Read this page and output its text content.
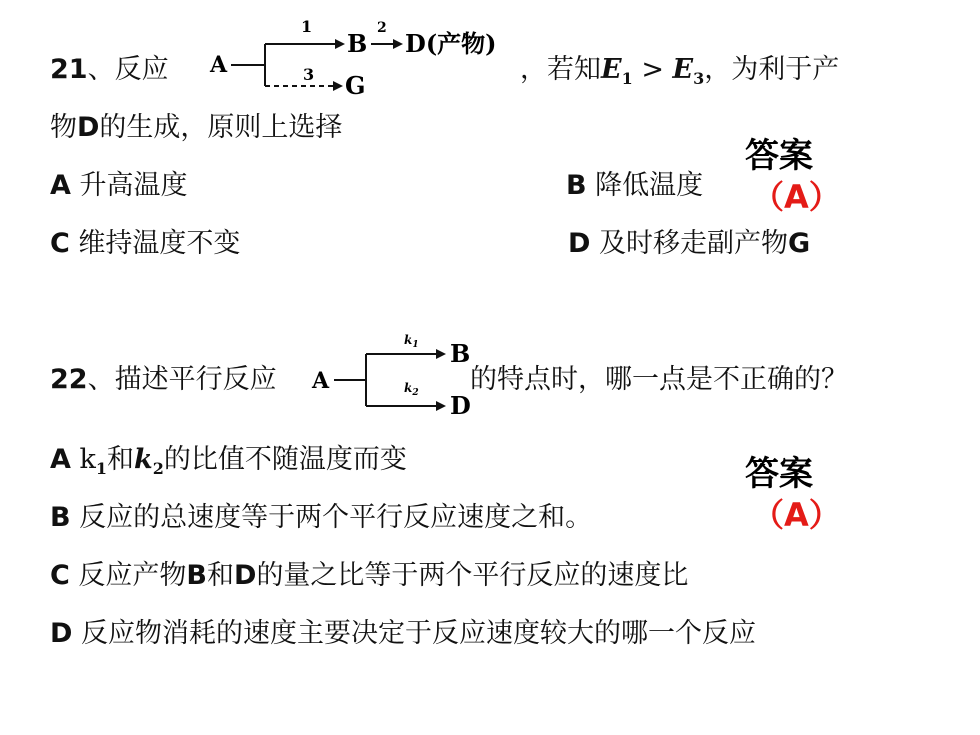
21、反应 A
1
B
2
D(产物)
3 G
，若知$E_1 > E_3$，为利于产
物D的生成，原则上选择
答案
（A）
A 升高温度	B 降低温度
C 维持温度不变	D 及时移走副产物G
22、描述平行反应 A
$k_1$ B
$k_2$ D
的特点时，哪一点是不正确的？
A $k_1$和$k_2$的比值不随温度而变	答案
（A）
B 反应的总速度等于两个平行反应速度之和。
C 反应产物B和D的量之比等于两个平行反应的速度比
D 反应物消耗的速度主要决定于反应速度较大的哪一个反应
